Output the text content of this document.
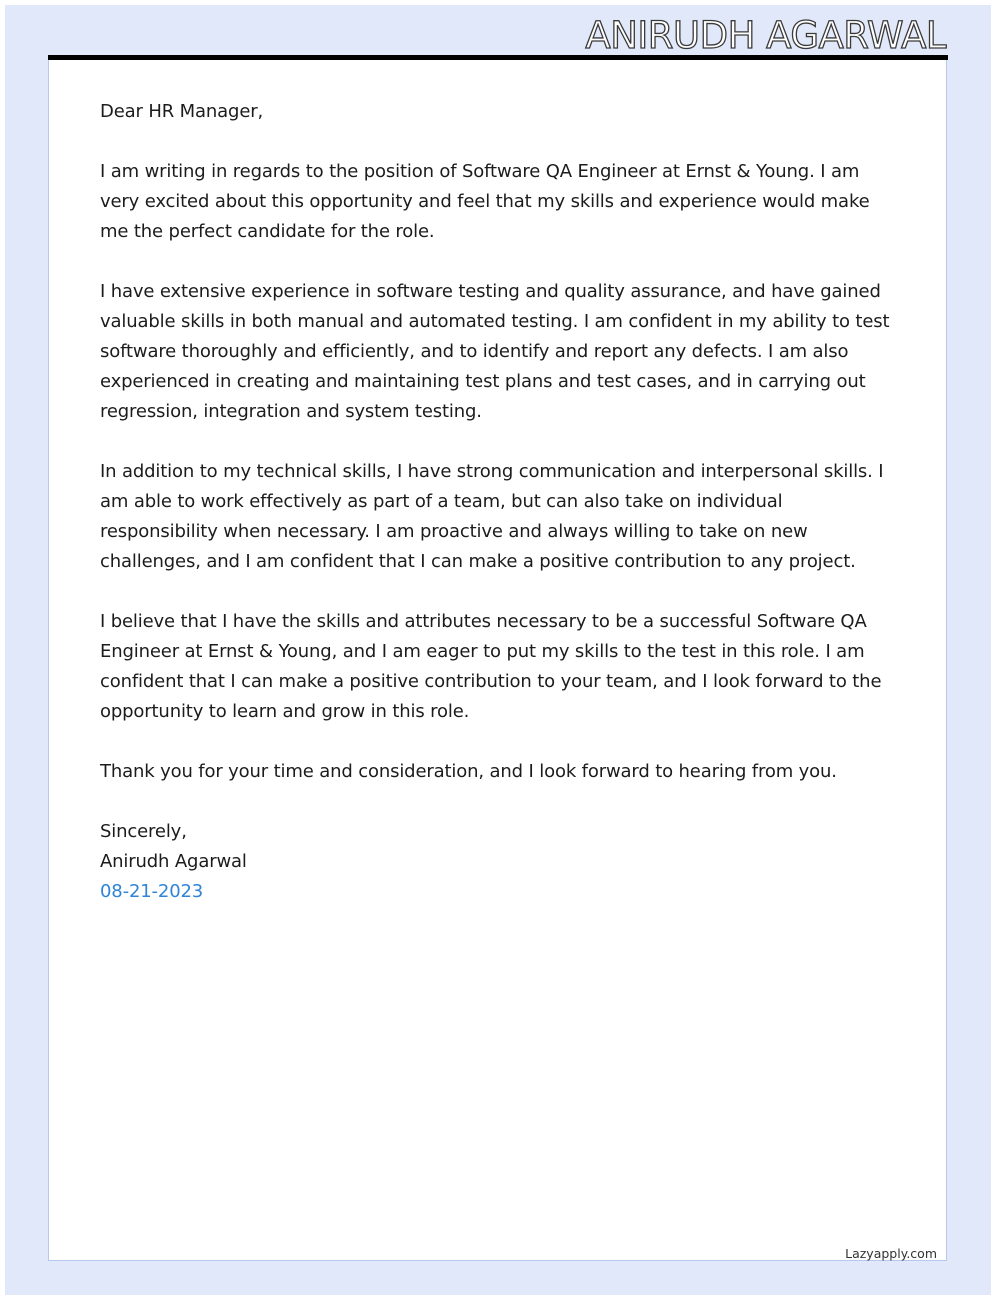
ANIRUDH AGARWAL

Dear HR Manager,

I am writing in regards to the position of Software QA Engineer at Ernst & Young. I am very excited about this opportunity and feel that my skills and experience would make me the perfect candidate for the role.

I have extensive experience in software testing and quality assurance, and have gained valuable skills in both manual and automated testing. I am confident in my ability to test software thoroughly and efficiently, and to identify and report any defects. I am also experienced in creating and maintaining test plans and test cases, and in carrying out regression, integration and system testing.

In addition to my technical skills, I have strong communication and interpersonal skills. I am able to work effectively as part of a team, but can also take on individual responsibility when necessary. I am proactive and always willing to take on new challenges, and I am confident that I can make a positive contribution to any project.

I believe that I have the skills and attributes necessary to be a successful Software QA Engineer at Ernst & Young, and I am eager to put my skills to the test in this role. I am confident that I can make a positive contribution to your team, and I look forward to the opportunity to learn and grow in this role.

Thank you for your time and consideration, and I look forward to hearing from you.

Sincerely,
Anirudh Agarwal
08-21-2023
Lazyapply.com
